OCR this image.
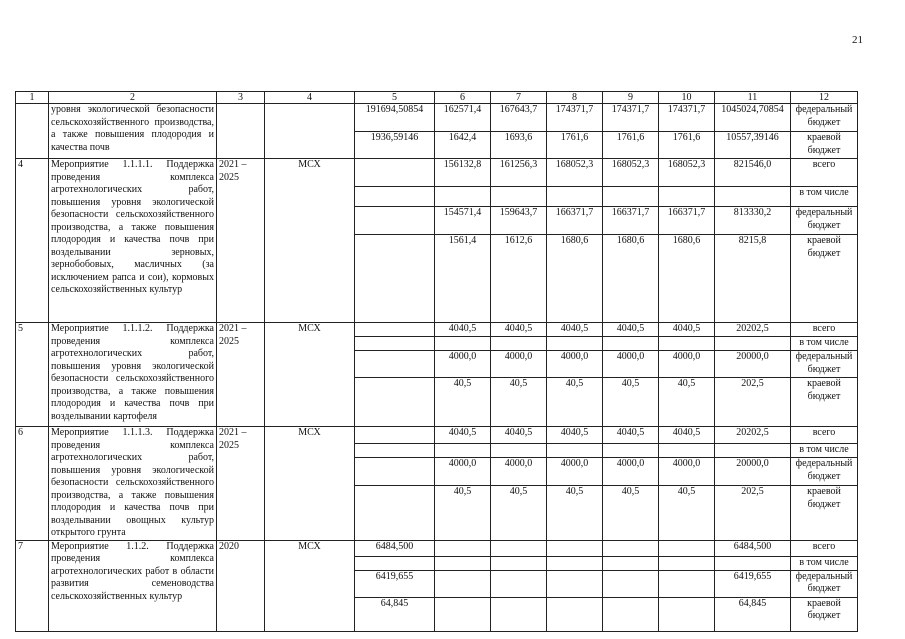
21
1	2	3	4	5	6	7	8	9	10	11	12
	уровня экологической безопасности сельскохозяйственного производства, а также повышения плодородия и качества почв			191694,50854	162571,4	167643,7	174371,7	174371,7	174371,7	1045024,70854	федеральный бюджет
				1936,59146	1642,4	1693,6	1761,6	1761,6	1761,6	10557,39146	краевой бюджет
4	Мероприятие 1.1.1.1. Поддержка проведения комплекса агротехнологических работ, повышения уровня экологической безопасности сельскохозяйственного производства, а также повышения плодородия и качества почв при возделывании зерновых, зернобобовых, масличных (за исключением рапса и сои), кормовых сельскохозяйственных культур	2021 – 2025	МСХ		156132,8	161256,3	168052,3	168052,3	168052,3	821546,0	всего
											в том числе
					154571,4	159643,7	166371,7	166371,7	166371,7	813330,2	федеральный бюджет
					1561,4	1612,6	1680,6	1680,6	1680,6	8215,8	краевой бюджет
5	Мероприятие 1.1.1.2. Поддержка проведения комплекса агротехнологических работ, повышения уровня экологической безопасности сельскохозяйственного производства, а также повышения плодородия и качества почв при возделывании картофеля	2021 – 2025	МСХ		4040,5	4040,5	4040,5	4040,5	4040,5	20202,5	всего
											в том числе
					4000,0	4000,0	4000,0	4000,0	4000,0	20000,0	федеральный бюджет
					40,5	40,5	40,5	40,5	40,5	202,5	краевой бюджет
6	Мероприятие 1.1.1.3. Поддержка проведения комплекса агротехнологических работ, повышения уровня экологической безопасности сельскохозяйственного производства, а также повышения плодородия и качества почв при возделывании овощных культур открытого грунта	2021 – 2025	МСХ		4040,5	4040,5	4040,5	4040,5	4040,5	20202,5	всего
											в том числе
					4000,0	4000,0	4000,0	4000,0	4000,0	20000,0	федеральный бюджет
					40,5	40,5	40,5	40,5	40,5	202,5	краевой бюджет
7	Мероприятие 1.1.2. Поддержка проведения комплекса агротехнологических работ в области развития семеноводства сельскохозяйственных культур	2020	МСХ	6484,500						6484,500	всего
											в том числе
				6419,655						6419,655	федеральный бюджет
				64,845						64,845	краевой бюджет
